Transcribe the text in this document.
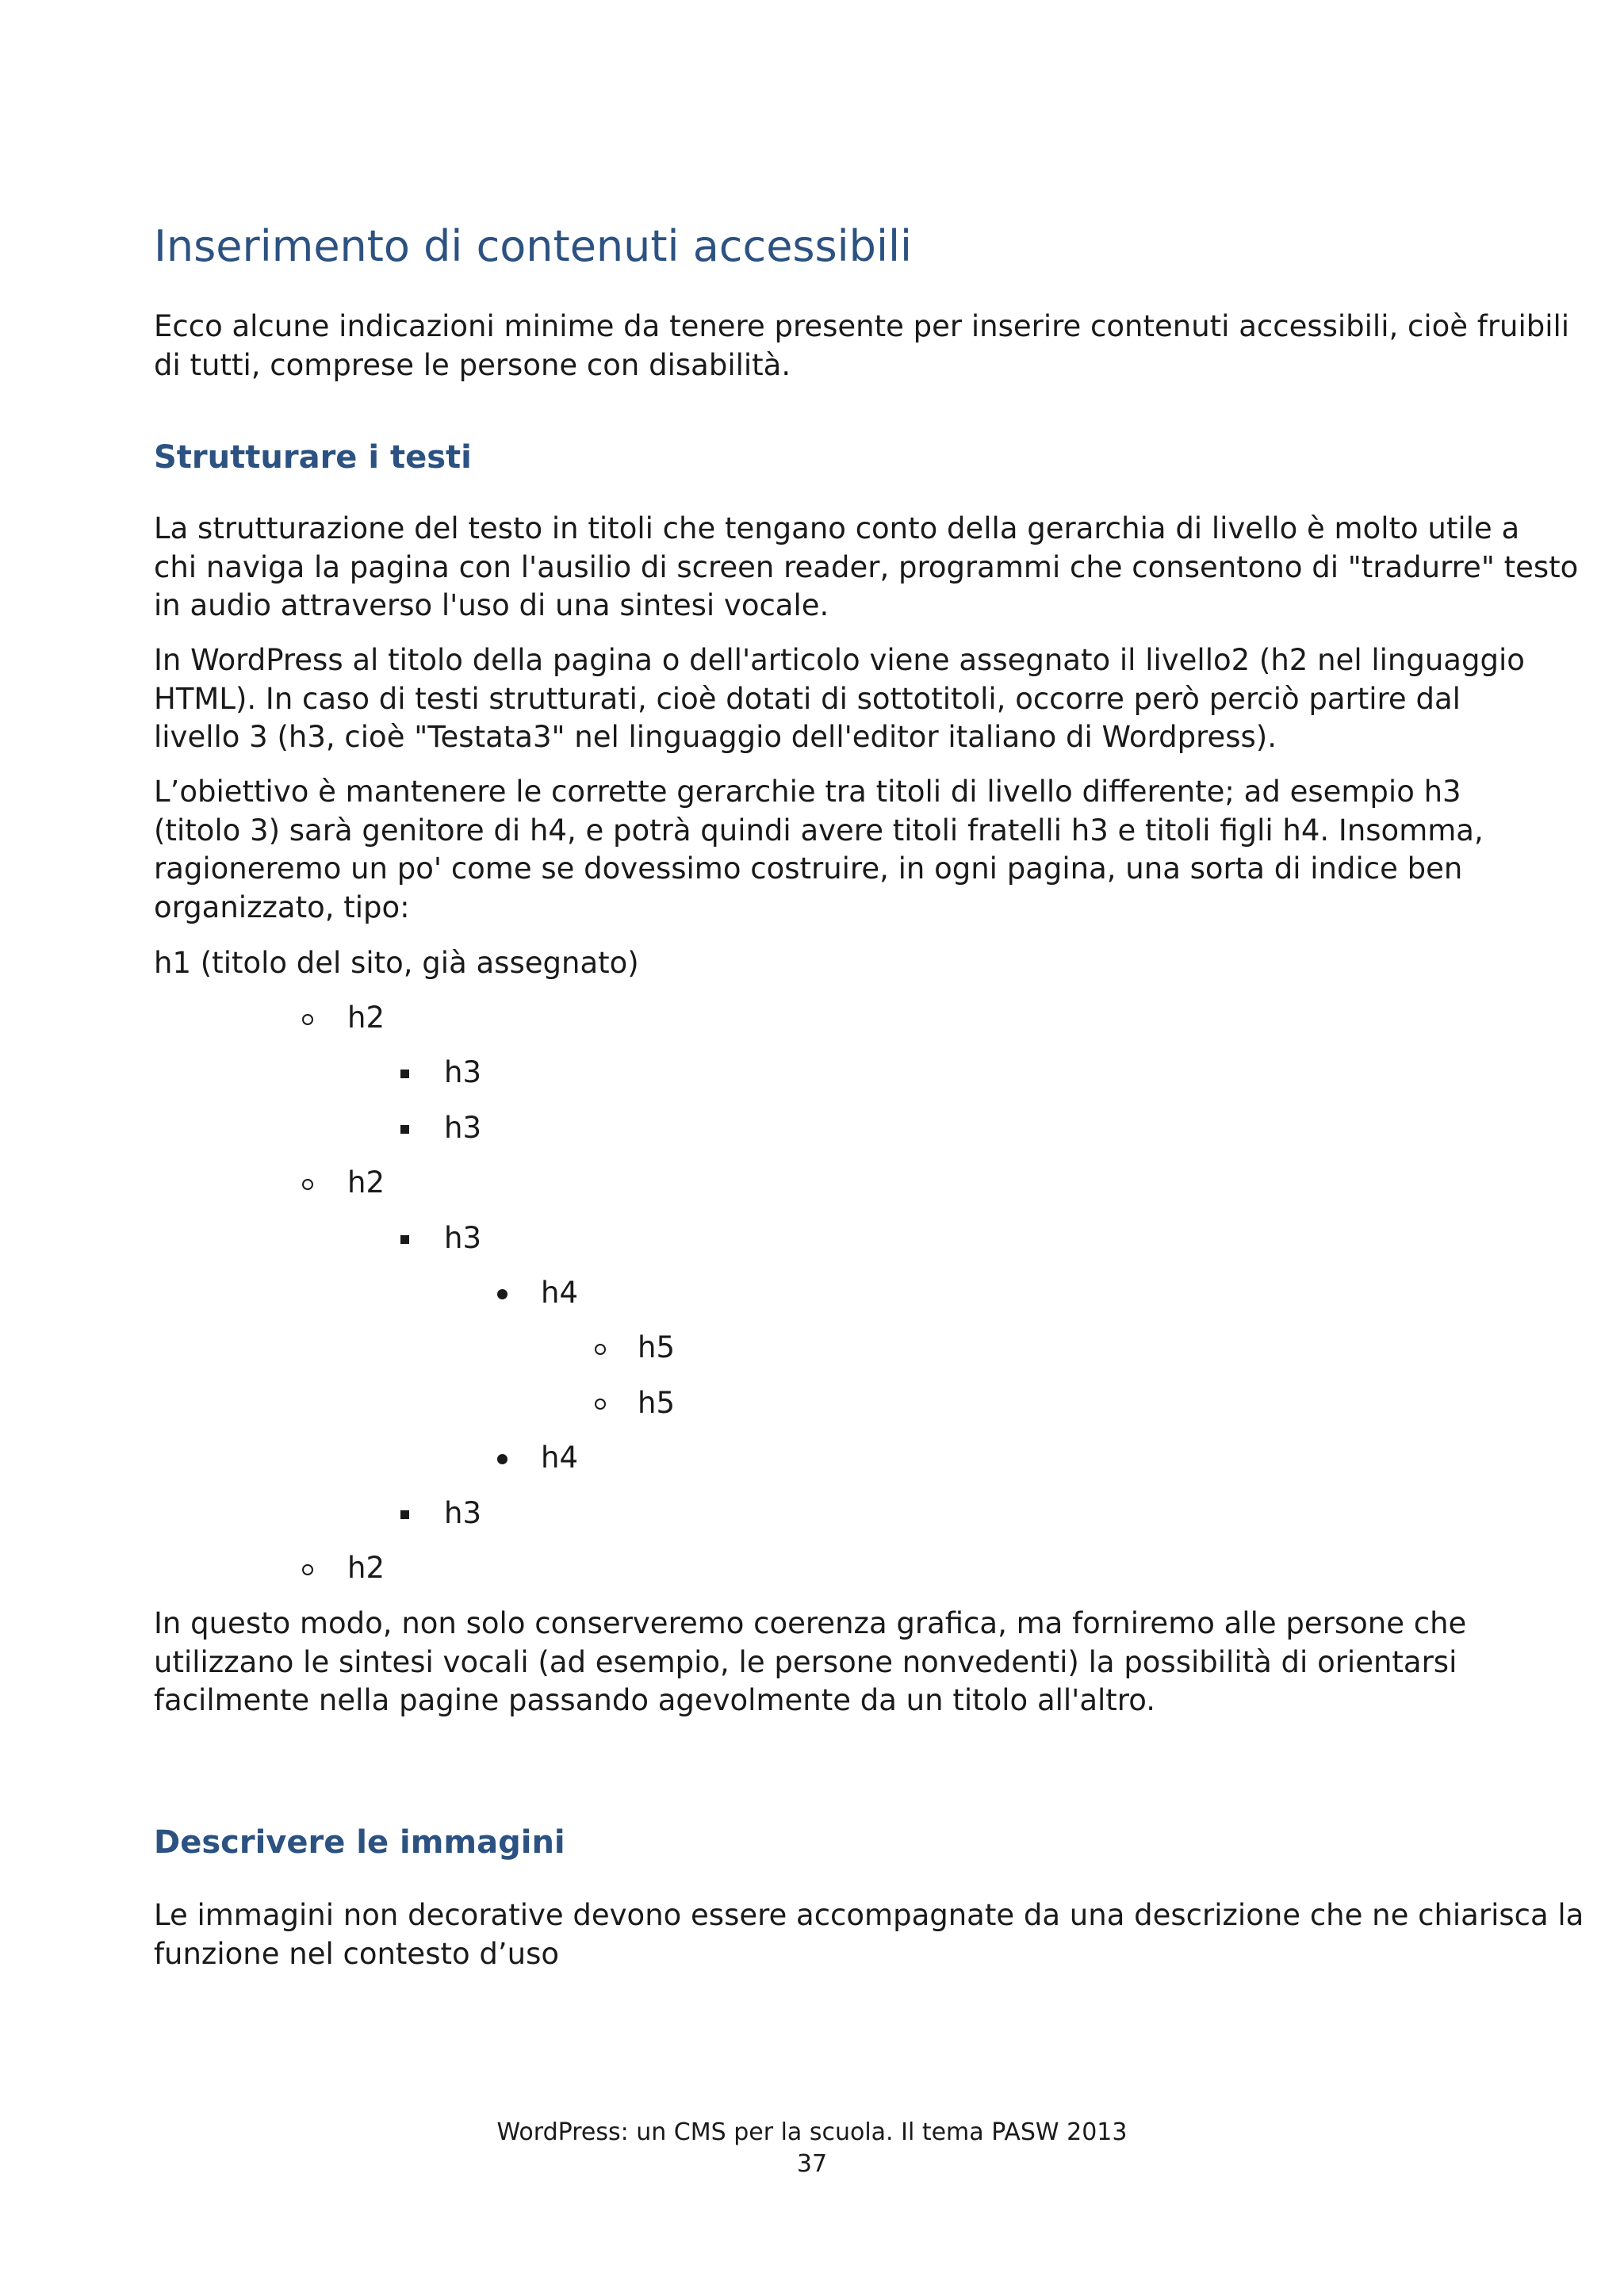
Inserimento di contenuti accessibili

Ecco alcune indicazioni minime da tenere presente per inserire contenuti accessibili, cioè fruibili
di tutti, comprese le persone con disabilità.

Strutturare i testi

La strutturazione del testo in titoli che tengano conto della gerarchia di livello è molto utile a
chi naviga la pagina con l'ausilio di screen reader, programmi che consentono di "tradurre" testo
in audio attraverso l'uso di una sintesi vocale.

In WordPress al titolo della pagina o dell'articolo viene assegnato il livello2 (h2 nel linguaggio
HTML). In caso di testi strutturati, cioè dotati di sottotitoli, occorre però perciò partire dal
livello 3 (h3, cioè "Testata3" nel linguaggio dell'editor italiano di Wordpress).

L’obiettivo è mantenere le corrette gerarchie tra titoli di livello differente; ad esempio h3
(titolo 3) sarà genitore di h4, e potrà quindi avere titoli fratelli h3 e titoli figli h4. Insomma,
ragioneremo un po' come se dovessimo costruire, in ogni pagina, una sorta di indice ben
organizzato, tipo:

h1 (titolo del sito, già assegnato)

h2
h3
h3
h2
h3
h4
h5
h5
h4
h3
h2

In questo modo, non solo conserveremo coerenza grafica, ma forniremo alle persone che
utilizzano le sintesi vocali (ad esempio, le persone nonvedenti) la possibilità di orientarsi
facilmente nella pagine passando agevolmente da un titolo all'altro.

Descrivere le immagini

Le immagini non decorative devono essere accompagnate da una descrizione che ne chiarisca la
funzione nel contesto d’uso

WordPress: un CMS per la scuola. Il tema PASW 2013
37
